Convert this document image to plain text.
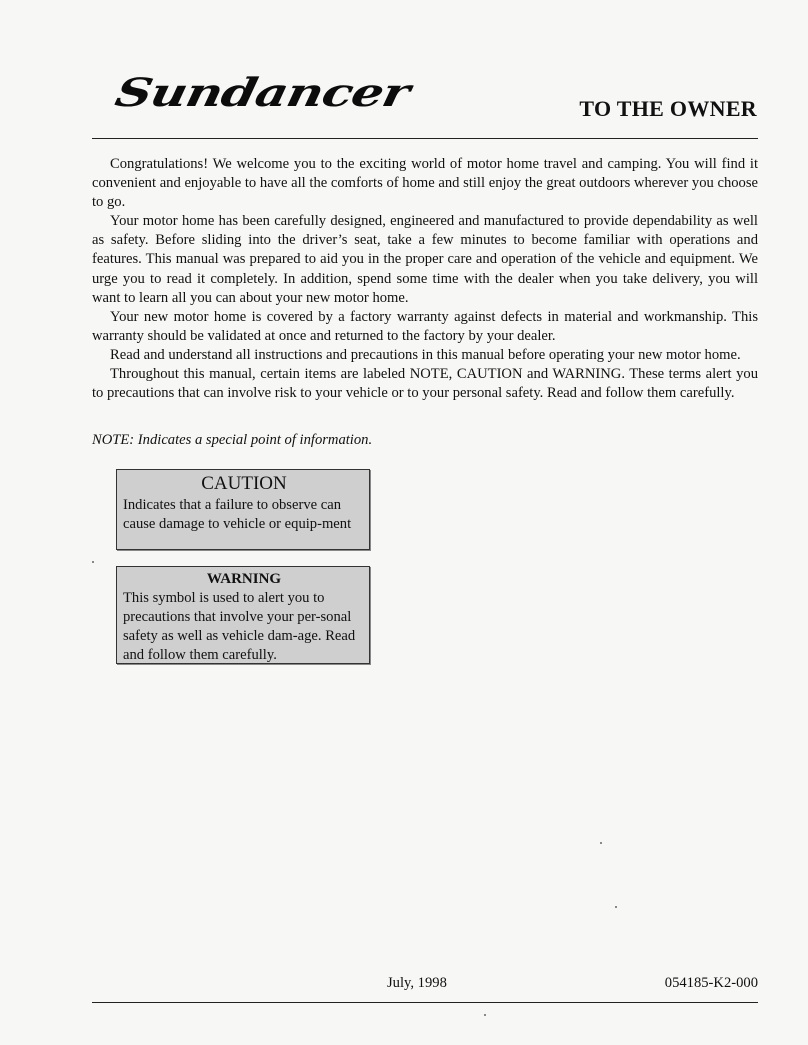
Sundancer	TO THE OWNER

Congratulations! We welcome you to the exciting world of motor home travel and camping. You will find it convenient and enjoyable to have all the comforts of home and still enjoy the great outdoors wherever you choose to go.

Your motor home has been carefully designed, engineered and manufactured to provide dependability as well as safety. Before sliding into the driver’s seat, take a few minutes to become familiar with operations and features. This manual was prepared to aid you in the proper care and operation of the vehicle and equipment. We urge you to read it completely. In addition, spend some time with the dealer when you take delivery, you will want to learn all you can about your new motor home.

Your new motor home is covered by a factory warranty against defects in material and workmanship. This warranty should be validated at once and returned to the factory by your dealer.

Read and understand all instructions and precautions in this manual before operating your new motor home.

Throughout this manual, certain items are labeled NOTE, CAUTION and WARNING. These terms alert you to precautions that can involve risk to your vehicle or to your personal safety. Read and follow them carefully.

NOTE: Indicates a special point of information.

CAUTION

Indicates that a failure to observe can cause damage to vehicle or equip-ment

WARNING

This symbol is used to alert you to precautions that involve your per-sonal safety as well as vehicle dam-age. Read and follow them carefully.

July, 1998	054185-K2-000
